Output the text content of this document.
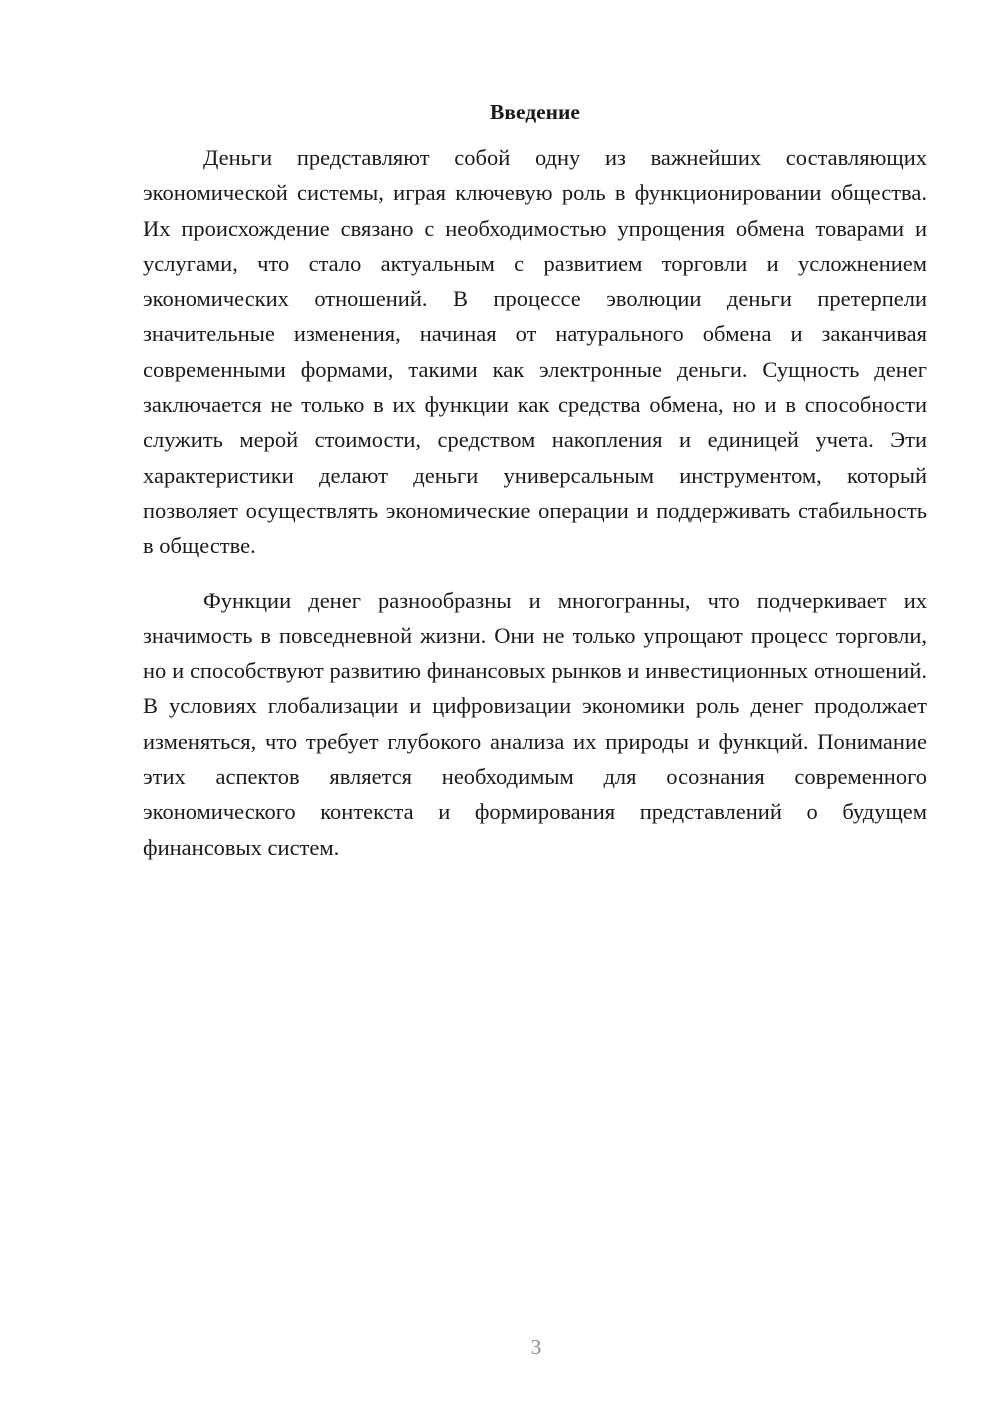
Введение

Деньги представляют собой одну из важнейших составляющих экономической системы, играя ключевую роль в функционировании общества. Их происхождение связано с необходимостью упрощения обмена товарами и услугами, что стало актуальным с развитием торговли и усложнением экономических отношений. В процессе эволюции деньги претерпели значительные изменения, начиная от натурального обмена и заканчивая современными формами, такими как электронные деньги. Сущность денег заключается не только в их функции как средства обмена, но и в способности служить мерой стоимости, средством накопления и единицей учета. Эти характеристики делают деньги универсальным инструментом, который позволяет осуществлять экономические операции и поддерживать стабильность в обществе.

Функции денег разнообразны и многогранны, что подчеркивает их значимость в повседневной жизни. Они не только упрощают процесс торговли, но и способствуют развитию финансовых рынков и инвестиционных отношений. В условиях глобализации и цифровизации экономики роль денег продолжает изменяться, что требует глубокого анализа их природы и функций. Понимание этих аспектов является необходимым для осознания современного экономического контекста и формирования представлений о будущем финансовых систем.

3
